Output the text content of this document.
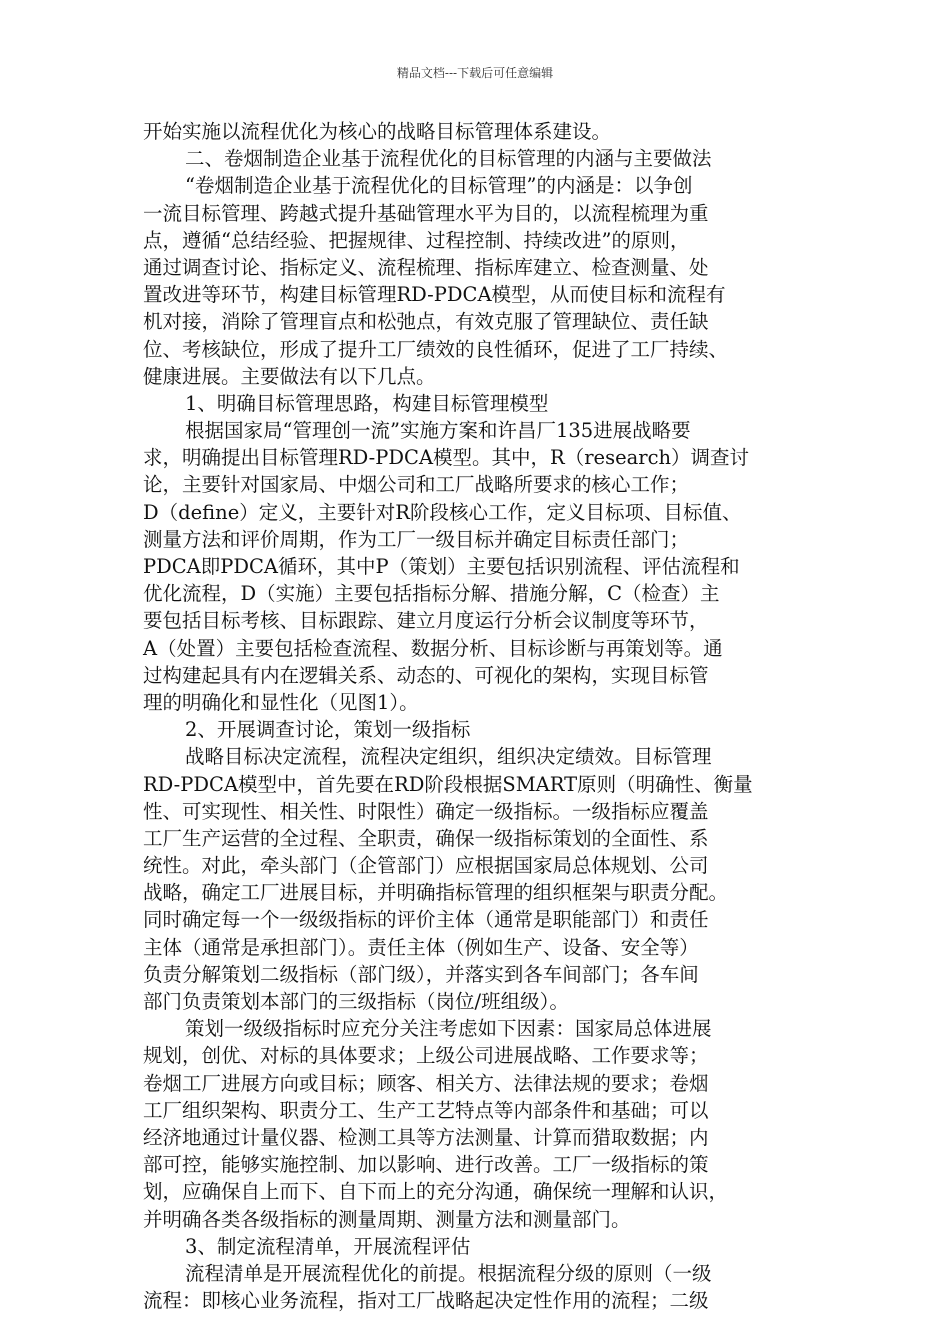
精品文档---下载后可任意编辑
开始实施以流程优化为核心的战略目标管理体系建设。
二、卷烟制造企业基于流程优化的目标管理的内涵与主要做法
“卷烟制造企业基于流程优化的目标管理”的内涵是：以争创
一流目标管理、跨越式提升基础管理水平为目的，以流程梳理为重
点，遵循“总结经验、把握规律、过程控制、持续改进”的原则，
通过调查讨论、指标定义、流程梳理、指标库建立、检查测量、处
置改进等环节，构建目标管理RD-PDCA模型，从而使目标和流程有
机对接，消除了管理盲点和松弛点，有效克服了管理缺位、责任缺
位、考核缺位，形成了提升工厂绩效的良性循环，促进了工厂持续、
健康进展。主要做法有以下几点。
1、明确目标管理思路，构建目标管理模型
根据国家局“管理创一流”实施方案和许昌厂135进展战略要
求，明确提出目标管理RD-PDCA模型。其中，R（research）调查讨
论，主要针对国家局、中烟公司和工厂战略所要求的核心工作；
D（define）定义，主要针对R阶段核心工作，定义目标项、目标值、
测量方法和评价周期，作为工厂一级目标并确定目标责任部门；
PDCA即PDCA循环，其中P（策划）主要包括识别流程、评估流程和
优化流程，D（实施）主要包括指标分解、措施分解，C（检查）主
要包括目标考核、目标跟踪、建立月度运行分析会议制度等环节，
A（处置）主要包括检查流程、数据分析、目标诊断与再策划等。通
过构建起具有内在逻辑关系、动态的、可视化的架构，实现目标管
理的明确化和显性化（见图1）。
2、开展调查讨论，策划一级指标
战略目标决定流程，流程决定组织，组织决定绩效。目标管理
RD-PDCA模型中，首先要在RD阶段根据SMART原则（明确性、衡量
性、可实现性、相关性、时限性）确定一级指标。一级指标应覆盖
工厂生产运营的全过程、全职责，确保一级指标策划的全面性、系
统性。对此，牵头部门（企管部门）应根据国家局总体规划、公司
战略，确定工厂进展目标，并明确指标管理的组织框架与职责分配。
同时确定每一个一级级指标的评价主体（通常是职能部门）和责任
主体（通常是承担部门）。责任主体（例如生产、设备、安全等）
负责分解策划二级指标（部门级），并落实到各车间部门；各车间
部门负责策划本部门的三级指标（岗位/班组级）。
策划一级级指标时应充分关注考虑如下因素：国家局总体进展
规划，创优、对标的具体要求；上级公司进展战略、工作要求等；
卷烟工厂进展方向或目标；顾客、相关方、法律法规的要求；卷烟
工厂组织架构、职责分工、生产工艺特点等内部条件和基础；可以
经济地通过计量仪器、检测工具等方法测量、计算而猎取数据；内
部可控，能够实施控制、加以影响、进行改善。工厂一级指标的策
划，应确保自上而下、自下而上的充分沟通，确保统一理解和认识，
并明确各类各级指标的测量周期、测量方法和测量部门。
3、制定流程清单，开展流程评估
流程清单是开展流程优化的前提。根据流程分级的原则（一级
流程：即核心业务流程，指对工厂战略起决定性作用的流程；二级
